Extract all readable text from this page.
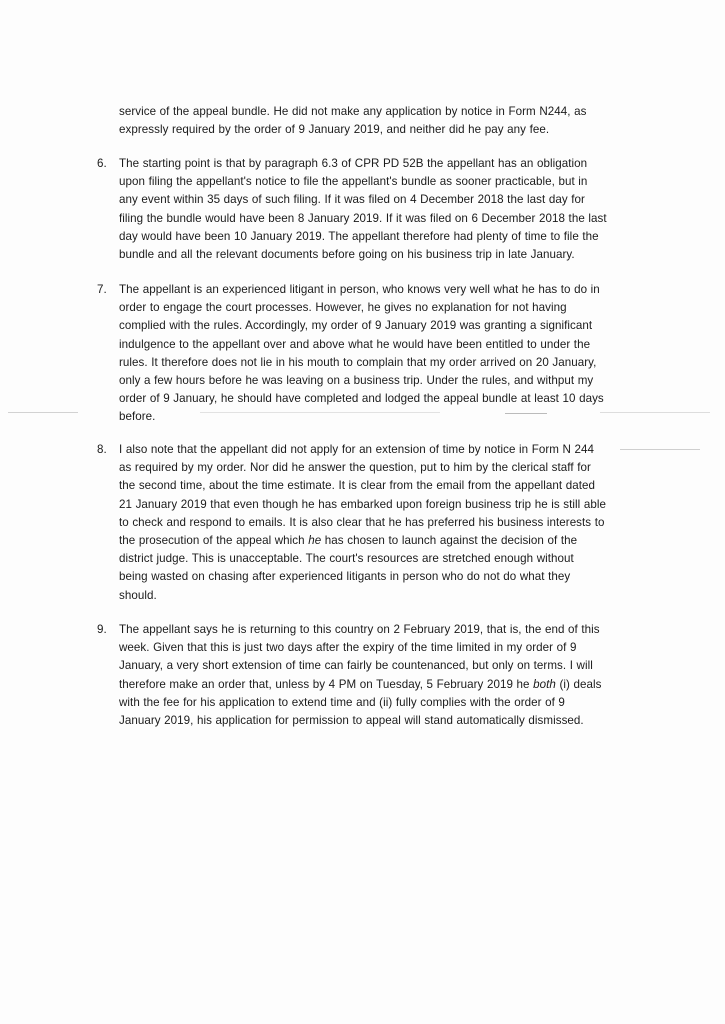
service of the appeal bundle. He did not make any application by notice in Form N244, as
expressly required by the order of 9 January 2019, and neither did he pay any fee.
6. The starting point is that by paragraph 6.3 of CPR PD 52B the appellant has an obligation
upon filing the appellant's notice to file the appellant's bundle as sooner practicable, but in
any event within 35 days of such filing. If it was filed on 4 December 2018 the last day for
filing the bundle would have been 8 January 2019. If it was filed on 6 December 2018 the last
day would have been 10 January 2019. The appellant therefore had plenty of time to file the
bundle and all the relevant documents before going on his business trip in late January.
7. The appellant is an experienced litigant in person, who knows very well what he has to do in
order to engage the court processes. However, he gives no explanation for not having
complied with the rules. Accordingly, my order of 9 January 2019 was granting a significant
indulgence to the appellant over and above what he would have been entitled to under the
rules. It therefore does not lie in his mouth to complain that my order arrived on 20 January,
only a few hours before he was leaving on a business trip. Under the rules, and withput my
order of 9 January, he should have completed and lodged the appeal bundle at least 10 days
before.
8. I also note that the appellant did not apply for an extension of time by notice in Form N 244
as required by my order. Nor did he answer the question, put to him by the clerical staff for
the second time, about the time estimate. It is clear from the email from the appellant dated
21 January 2019 that even though he has embarked upon foreign business trip he is still able
to check and respond to emails. It is also clear that he has preferred his business interests to
the prosecution of the appeal which he has chosen to launch against the decision of the
district judge. This is unacceptable. The court's resources are stretched enough without
being wasted on chasing after experienced litigants in person who do not do what they
should.
9. The appellant says he is returning to this country on 2 February 2019, that is, the end of this
week. Given that this is just two days after the expiry of the time limited in my order of 9
January, a very short extension of time can fairly be countenanced, but only on terms. I will
therefore make an order that, unless by 4 PM on Tuesday, 5 February 2019 he both (i) deals
with the fee for his application to extend time and (ii) fully complies with the order of 9
January 2019, his application for permission to appeal will stand automatically dismissed.
